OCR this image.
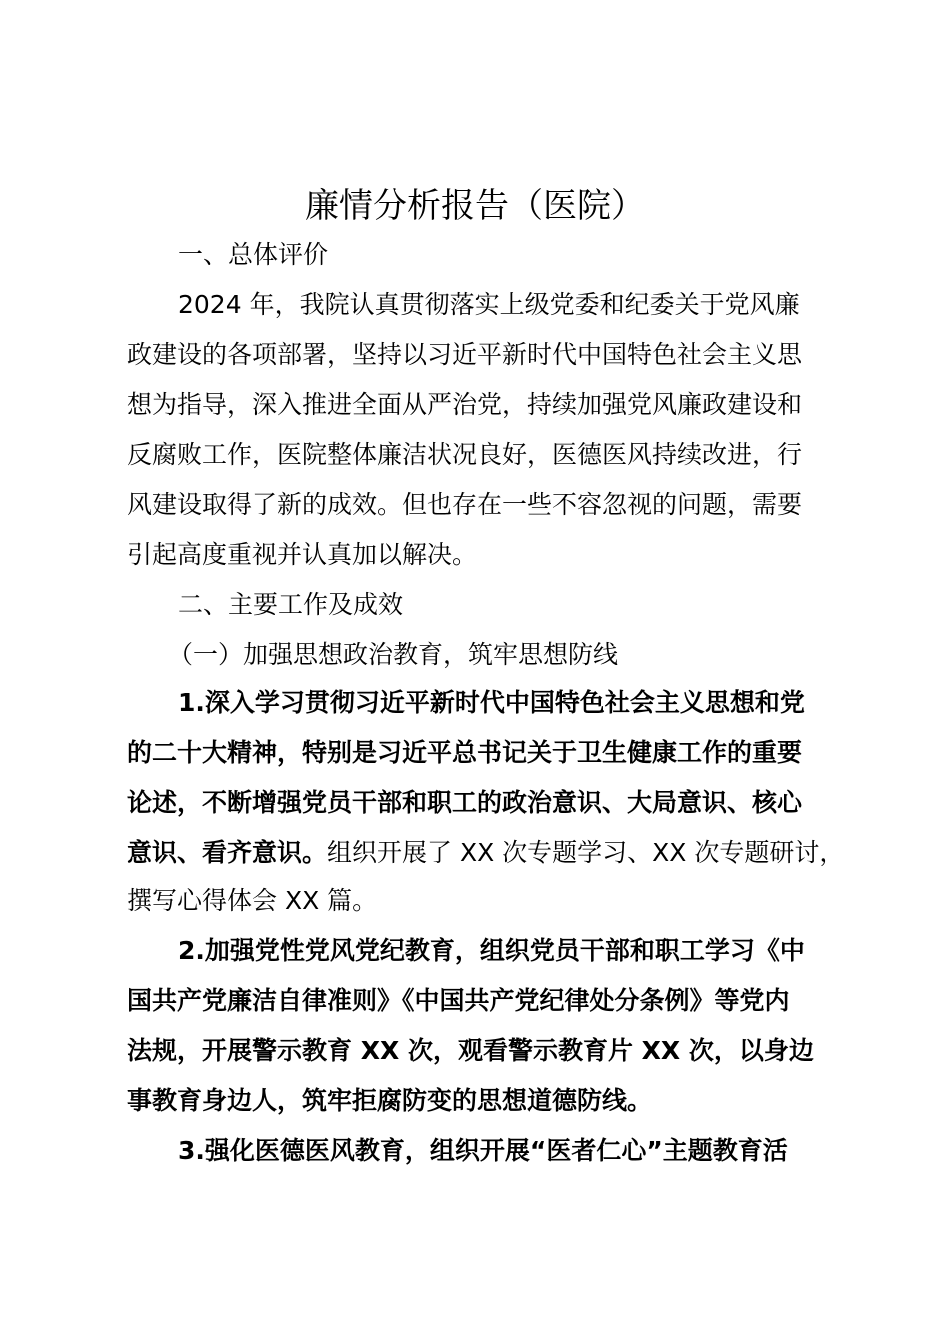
廉情分析报告（医院）
一、总体评价
2024 年，我院认真贯彻落实上级党委和纪委关于党风廉
政建设的各项部署，坚持以习近平新时代中国特色社会主义思
想为指导，深入推进全面从严治党，持续加强党风廉政建设和
反腐败工作，医院整体廉洁状况良好，医德医风持续改进，行
风建设取得了新的成效。但也存在一些不容忽视的问题，需要
引起高度重视并认真加以解决。
二、主要工作及成效
（一）加强思想政治教育，筑牢思想防线
1.深入学习贯彻习近平新时代中国特色社会主义思想和党
的二十大精神，特别是习近平总书记关于卫生健康工作的重要
论述，不断增强党员干部和职工的政治意识、大局意识、核心
意识、看齐意识。组织开展了 XX 次专题学习、XX 次专题研讨，
撰写心得体会 XX 篇。
2.加强党性党风党纪教育，组织党员干部和职工学习《中
国共产党廉洁自律准则》《中国共产党纪律处分条例》等党内
法规，开展警示教育 XX 次，观看警示教育片 XX 次，以身边
事教育身边人，筑牢拒腐防变的思想道德防线。
3.强化医德医风教育，组织开展“医者仁心”主题教育活
